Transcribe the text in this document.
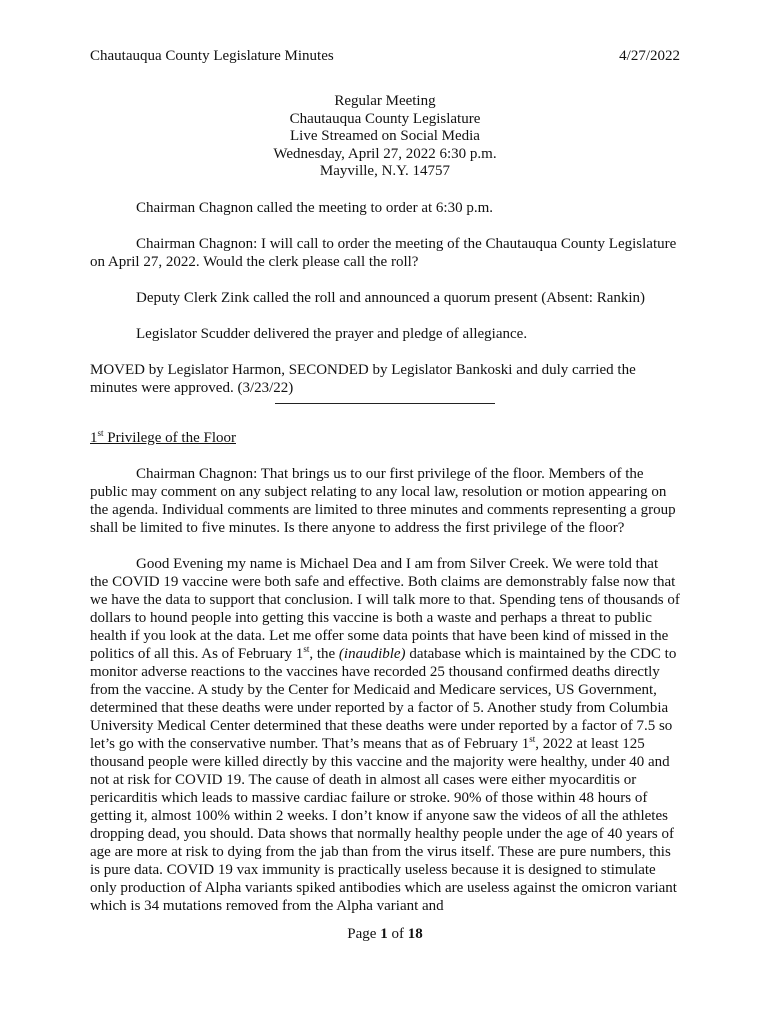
Chautauqua County Legislature Minutes	4/27/2022
Regular Meeting
Chautauqua County Legislature
Live Streamed on Social Media
Wednesday, April 27, 2022 6:30 p.m.
Mayville, N.Y. 14757

Chairman Chagnon called the meeting to order at 6:30 p.m.

Chairman Chagnon: I will call to order the meeting of the Chautauqua County Legislature on April 27, 2022. Would the clerk please call the roll?

Deputy Clerk Zink called the roll and announced a quorum present (Absent: Rankin)

Legislator Scudder delivered the prayer and pledge of allegiance.

MOVED by Legislator Harmon, SECONDED by Legislator Bankoski and duly carried the minutes were approved. (3/23/22)

1st Privilege of the Floor

Chairman Chagnon: That brings us to our first privilege of the floor. Members of the public may comment on any subject relating to any local law, resolution or motion appearing on the agenda. Individual comments are limited to three minutes and comments representing a group shall be limited to five minutes. Is there anyone to address the first privilege of the floor?

Good Evening my name is Michael Dea and I am from Silver Creek. We were told that the COVID 19 vaccine were both safe and effective. Both claims are demonstrably false now that we have the data to support that conclusion. I will talk more to that. Spending tens of thousands of dollars to hound people into getting this vaccine is both a waste and perhaps a threat to public health if you look at the data. Let me offer some data points that have been kind of missed in the politics of all this. As of February 1st, the (inaudible) database which is maintained by the CDC to monitor adverse reactions to the vaccines have recorded 25 thousand confirmed deaths directly from the vaccine. A study by the Center for Medicaid and Medicare services, US Government, determined that these deaths were under reported by a factor of 5. Another study from Columbia University Medical Center determined that these deaths were under reported by a factor of 7.5 so let’s go with the conservative number. That’s means that as of February 1st, 2022 at least 125 thousand people were killed directly by this vaccine and the majority were healthy, under 40 and not at risk for COVID 19. The cause of death in almost all cases were either myocarditis or pericarditis which leads to massive cardiac failure or stroke. 90% of those within 48 hours of getting it, almost 100% within 2 weeks. I don’t know if anyone saw the videos of all the athletes dropping dead, you should. Data shows that normally healthy people under the age of 40 years of age are more at risk to dying from the jab than from the virus itself. These are pure numbers, this is pure data. COVID 19 vax immunity is practically useless because it is designed to stimulate only production of Alpha variants spiked antibodies which are useless against the omicron variant which is 34 mutations removed from the Alpha variant and

Page 1 of 18
